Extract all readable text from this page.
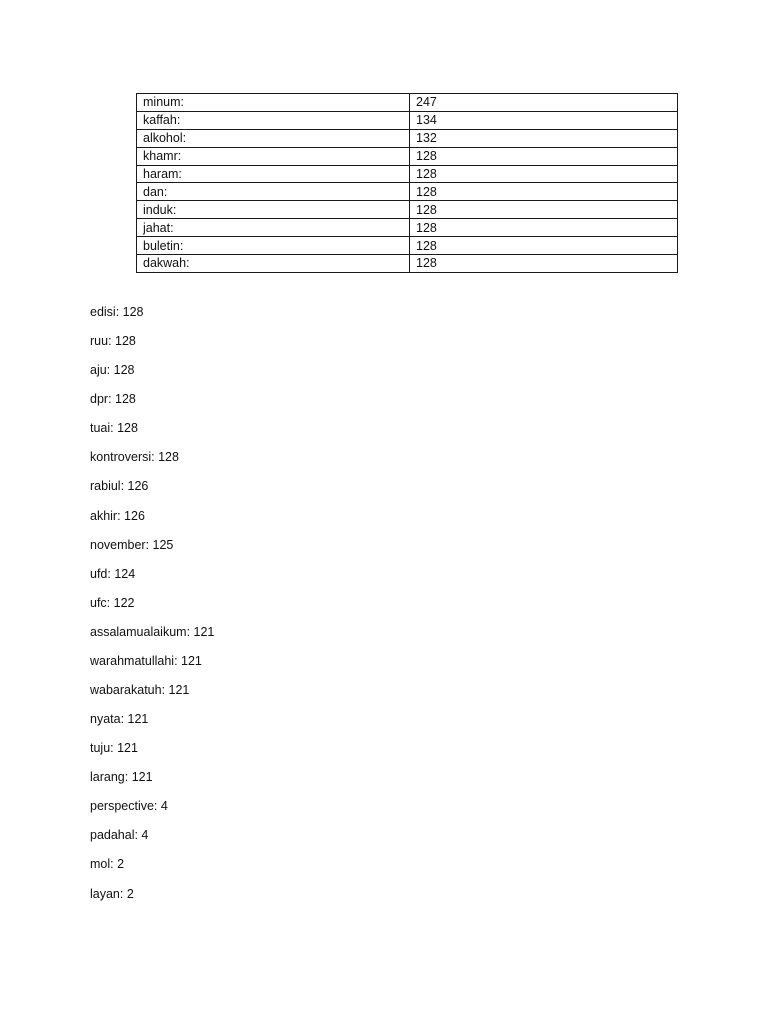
minum:	247
kaffah:	134
alkohol:	132
khamr:	128
haram:	128
dan:	128
induk:	128
jahat:	128
buletin:	128
dakwah:	128
edisi: 128
ruu: 128
aju: 128
dpr: 128
tuai: 128
kontroversi: 128
rabiul: 126
akhir: 126
november: 125
ufd: 124
ufc: 122
assalamualaikum: 121
warahmatullahi: 121
wabarakatuh: 121
nyata: 121
tuju: 121
larang: 121
perspective: 4
padahal: 4
mol: 2
layan: 2
